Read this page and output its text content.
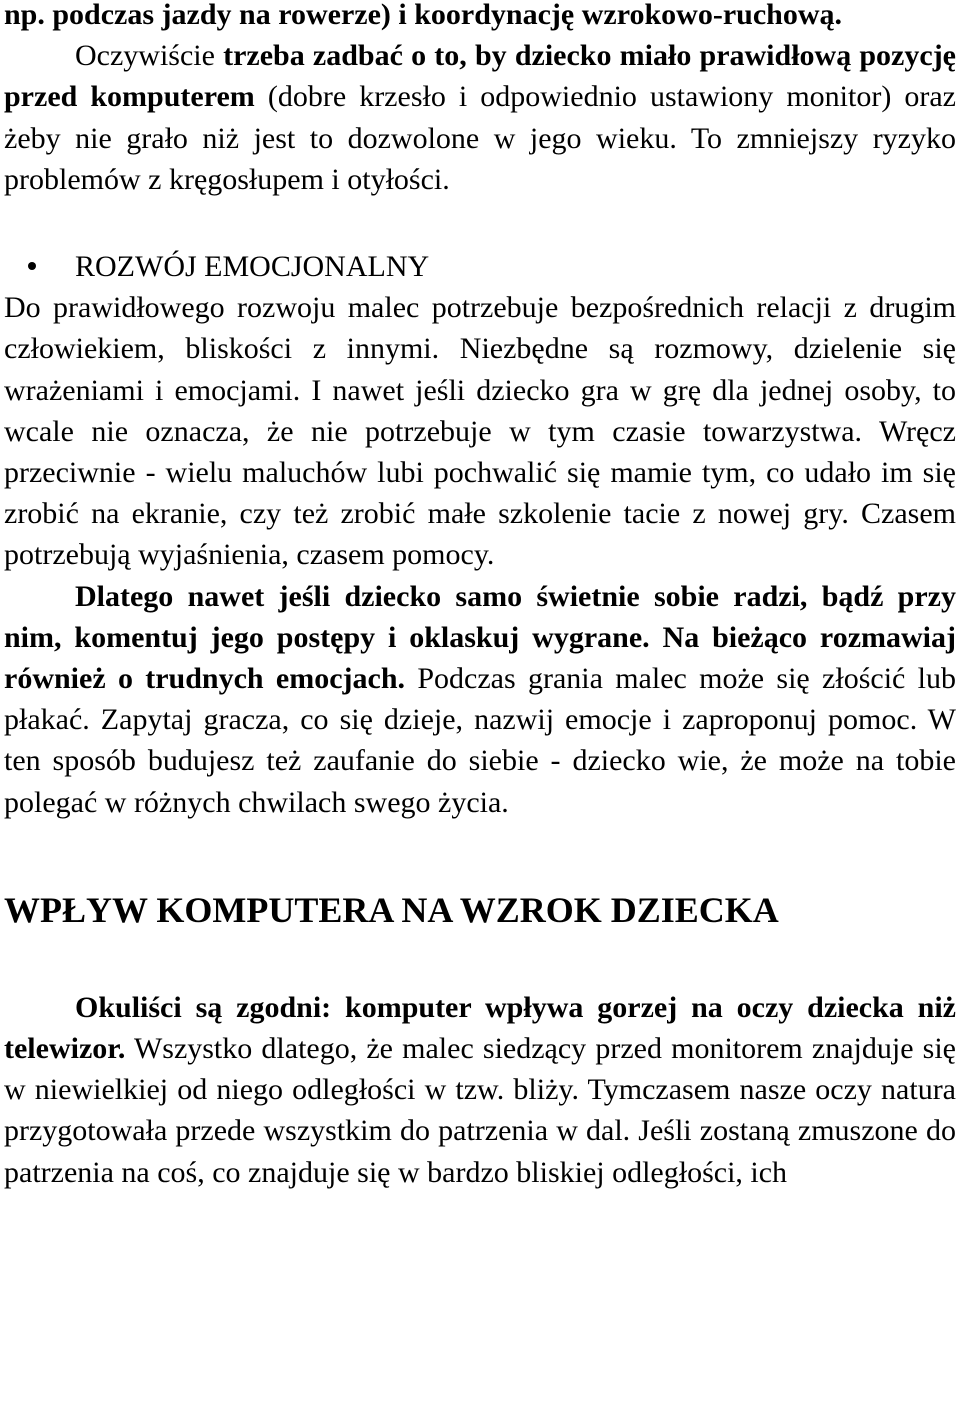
np. podczas jazdy na rowerze) i koordynację wzrokowo-ruchową.

Oczywiście trzeba zadbać o to, by dziecko miało prawidłową pozycję przed komputerem (dobre krzesło i odpowiednio ustawiony monitor) oraz żeby nie grało niż jest to dozwolone w jego wieku. To zmniejszy ryzyko problemów z kręgosłupem i otyłości.

ROZWÓJ EMOCJONALNY

Do prawidłowego rozwoju malec potrzebuje bezpośrednich relacji z drugim człowiekiem, bliskości z innymi. Niezbędne są rozmowy, dzielenie się wrażeniami i emocjami. I nawet jeśli dziecko gra w grę dla jednej osoby, to wcale nie oznacza, że nie potrzebuje w tym czasie towarzystwa. Wręcz przeciwnie - wielu maluchów lubi pochwalić się mamie tym, co udało im się zrobić na ekranie, czy też zrobić małe szkolenie tacie z nowej gry. Czasem potrzebują wyjaśnienia, czasem pomocy.

Dlatego nawet jeśli dziecko samo świetnie sobie radzi, bądź przy nim, komentuj jego postępy i oklaskuj wygrane. Na bieżąco rozmawiaj również o trudnych emocjach. Podczas grania malec może się złościć lub płakać. Zapytaj gracza, co się dzieje, nazwij emocje i zaproponuj pomoc. W ten sposób budujesz też zaufanie do siebie - dziecko wie, że może na tobie polegać w różnych chwilach swego życia.

WPŁYW KOMPUTERA NA WZROK DZIECKA

Okuliści są zgodni: komputer wpływa gorzej na oczy dziecka niż telewizor. Wszystko dlatego, że malec siedzący przed monitorem znajduje się w niewielkiej od niego odległości w tzw. bliży. Tymczasem nasze oczy natura przygotowała przede wszystkim do patrzenia w dal. Jeśli zostaną zmuszone do patrzenia na coś, co znajduje się w bardzo bliskiej odległości, ich
